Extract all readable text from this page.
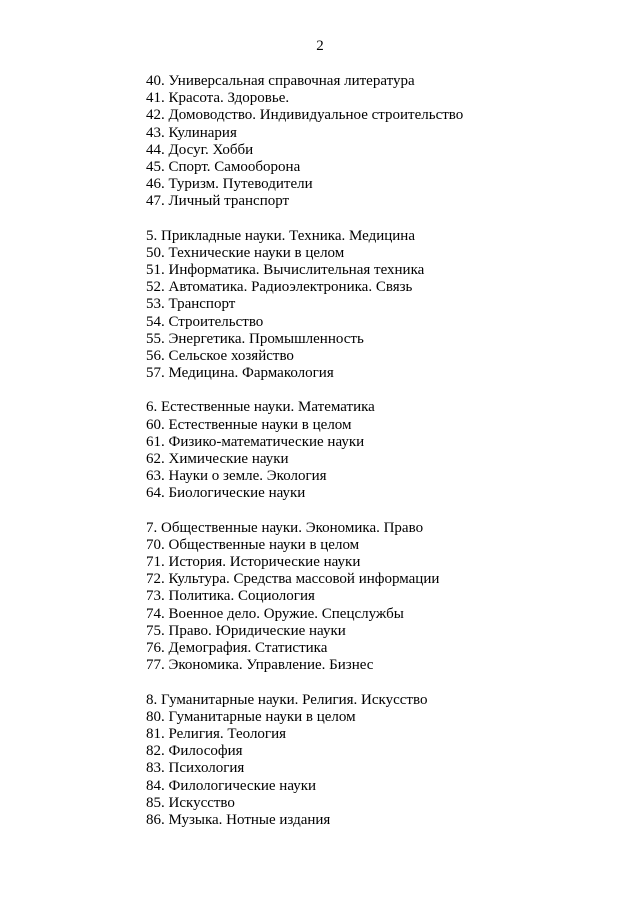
2
40. Универсальная справочная литература
41. Красота. Здоровье.
42. Домоводство. Индивидуальное строительство
43. Кулинария
44. Досуг. Хобби
45. Спорт. Самооборона
46. Туризм. Путеводители
47. Личный транспорт
5. Прикладные науки. Техника. Медицина
50. Технические науки в целом
51. Информатика. Вычислительная техника
52. Автоматика. Радиоэлектроника. Связь
53. Транспорт
54. Строительство
55. Энергетика. Промышленность
56. Сельское хозяйство
57. Медицина. Фармакология
6. Естественные науки. Математика
60. Естественные науки в целом
61. Физико-математические науки
62. Химические науки
63. Науки о земле. Экология
64. Биологические науки
7. Общественные науки. Экономика. Право
70. Общественные науки в целом
71. История. Исторические науки
72. Культура. Средства массовой информации
73. Политика. Социология
74. Военное дело. Оружие. Спецслужбы
75. Право. Юридические науки
76. Демография. Статистика
77. Экономика. Управление. Бизнес
8. Гуманитарные науки. Религия. Искусство
80. Гуманитарные науки в целом
81. Религия. Теология
82. Философия
83. Психология
84. Филологические науки
85. Искусство
86. Музыка. Нотные издания
